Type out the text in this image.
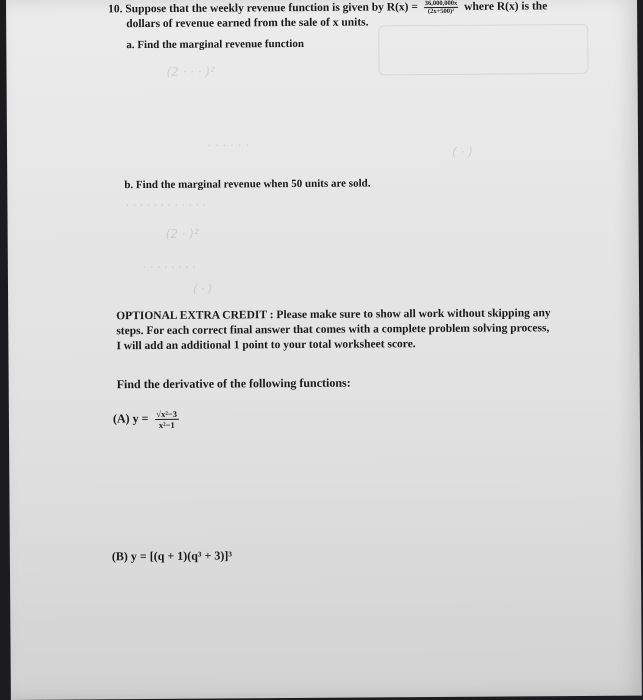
10. Suppose that the weekly revenue function is given by $R(x) = \frac{36,000,000x}{\text{(2x+500)²}}$ where R(x) is the
dollars of revenue earned from the sale of x units.
a. Find the marginal revenue function
(2 · · · )²
· · · · · ·	( · )
b. Find the marginal revenue when 50 units are sold.
· · · · · · · · · · · ·
(2 · )²
· · · · · · · ·
( · )
OPTIONAL EXTRA CREDIT : Please make sure to show all work without skipping any steps. For each correct final answer that comes with a complete problem solving process, I will add an additional 1 point to your total worksheet score.
Find the derivative of the following functions:
(A) $y = \frac{\text{√x²−3}}{\text{x²−1}}$
(B) y = [(q + 1)(q³ + 3)]³
